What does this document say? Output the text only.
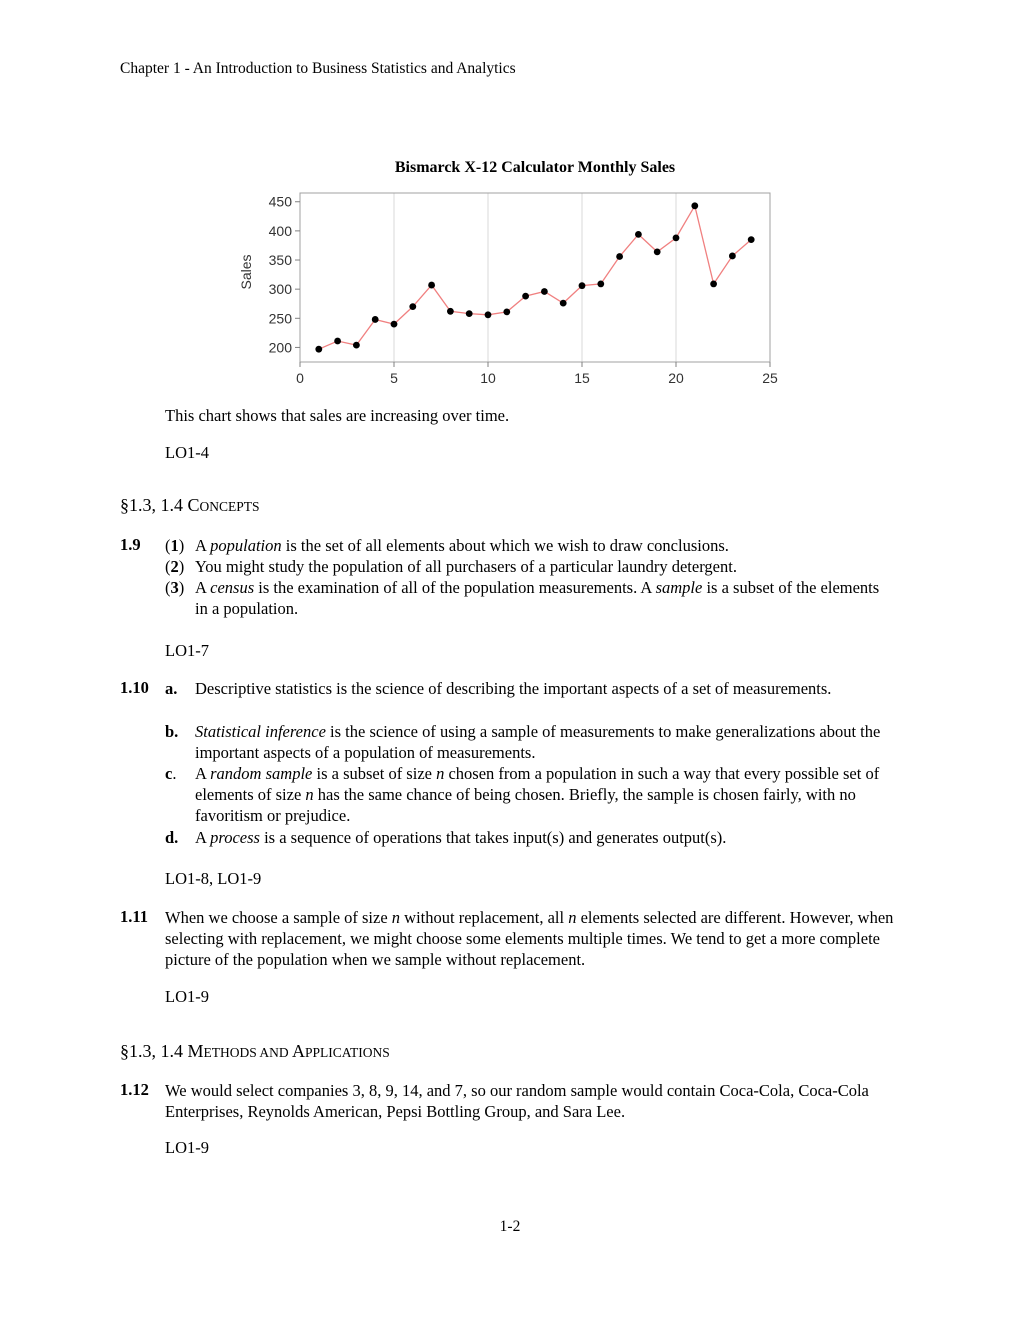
Chapter 1 - An Introduction to Business Statistics and Analytics
Bismarck X-12 Calculator Monthly Sales
200
250
300
350
400
450
0	5	10	15	20	25
Sales
This chart shows that sales are increasing over time.
LO1-4
§1.3, 1.4 CONCEPTS
1.9 (1) A population is the set of all elements about which we wish to draw conclusions.
(2) You might study the population of all purchasers of a particular laundry detergent.
(3) A census is the examination of all of the population measurements. A sample is a subset of the elements in a population.
LO1-7
1.10 a. Descriptive statistics is the science of describing the important aspects of a set of measurements.
b. Statistical inference is the science of using a sample of measurements to make generalizations about the important aspects of a population of measurements.
c. A random sample is a subset of size n chosen from a population in such a way that every possible set of elements of size n has the same chance of being chosen. Briefly, the sample is chosen fairly, with no favoritism or prejudice.
d. A process is a sequence of operations that takes input(s) and generates output(s).
LO1-8, LO1-9
1.11 When we choose a sample of size n without replacement, all n elements selected are different. However, when selecting with replacement, we might choose some elements multiple times. We tend to get a more complete picture of the population when we sample without replacement.
LO1-9
§1.3, 1.4 METHODS AND APPLICATIONS
1.12 We would select companies 3, 8, 9, 14, and 7, so our random sample would contain Coca-Cola, Coca-Cola Enterprises, Reynolds American, Pepsi Bottling Group, and Sara Lee.
LO1-9
1-2
